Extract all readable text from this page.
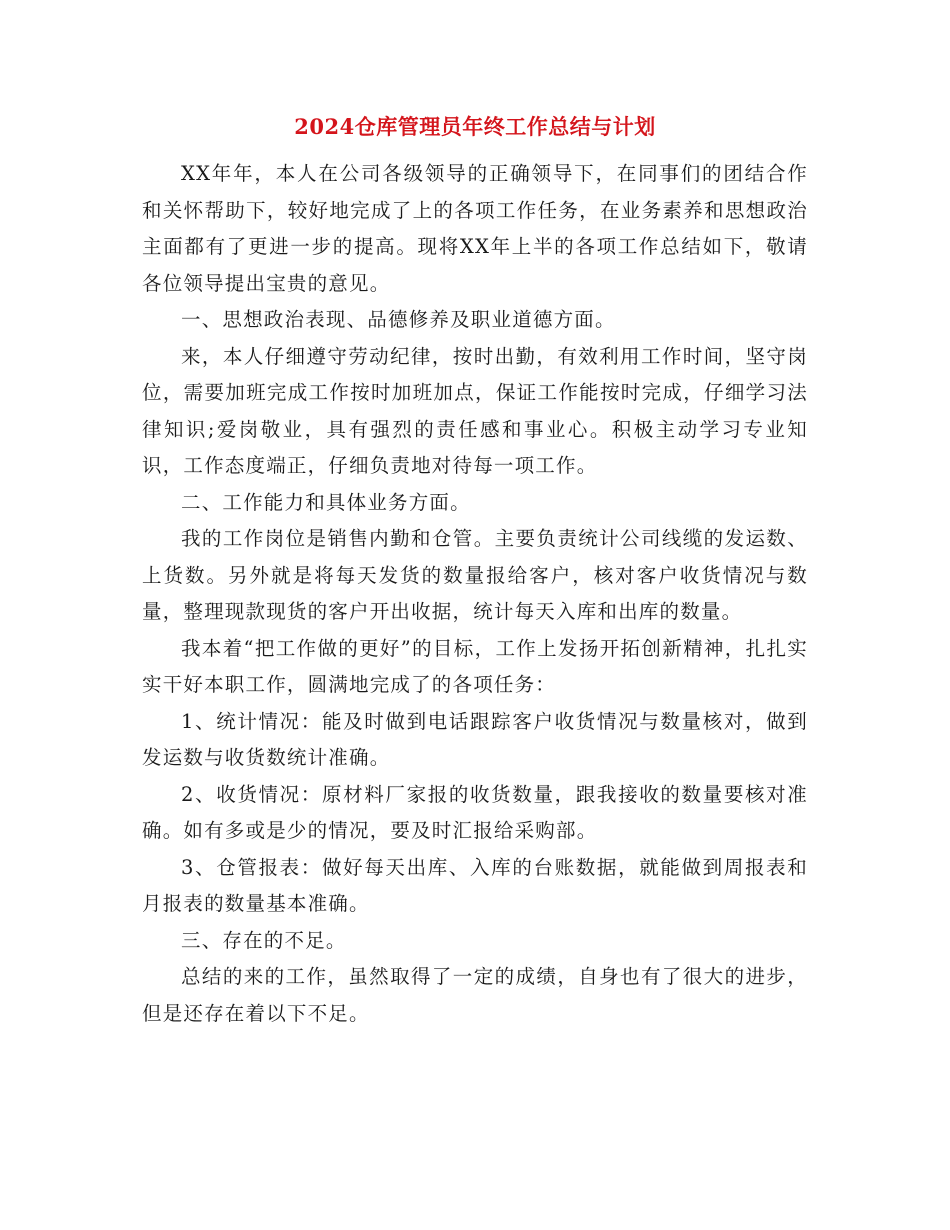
2024仓库管理员年终工作总结与计划

XX年年，本人在公司各级领导的正确领导下，在同事们的团结合作和关怀帮助下，较好地完成了上的各项工作任务，在业务素养和思想政治主面都有了更进一步的提高。现将XX年上半的各项工作总结如下，敬请各位领导提出宝贵的意见。

一、思想政治表现、品德修养及职业道德方面。

来，本人仔细遵守劳动纪律，按时出勤，有效利用工作时间，坚守岗位，需要加班完成工作按时加班加点，保证工作能按时完成，仔细学习法律知识;爱岗敬业，具有强烈的责任感和事业心。积极主动学习专业知识，工作态度端正，仔细负责地对待每一项工作。

二、工作能力和具体业务方面。

我的工作岗位是销售内勤和仓管。主要负责统计公司线缆的发运数、上货数。另外就是将每天发货的数量报给客户，核对客户收货情况与数量，整理现款现货的客户开出收据，统计每天入库和出库的数量。

我本着“把工作做的更好”的目标，工作上发扬开拓创新精神，扎扎实实干好本职工作，圆满地完成了的各项任务：

1、统计情况：能及时做到电话跟踪客户收货情况与数量核对，做到发运数与收货数统计准确。

2、收货情况：原材料厂家报的收货数量，跟我接收的数量要核对准确。如有多或是少的情况，要及时汇报给采购部。

3、仓管报表：做好每天出库、入库的台账数据，就能做到周报表和月报表的数量基本准确。

三、存在的不足。

总结的来的工作，虽然取得了一定的成绩，自身也有了很大的进步，但是还存在着以下不足。
